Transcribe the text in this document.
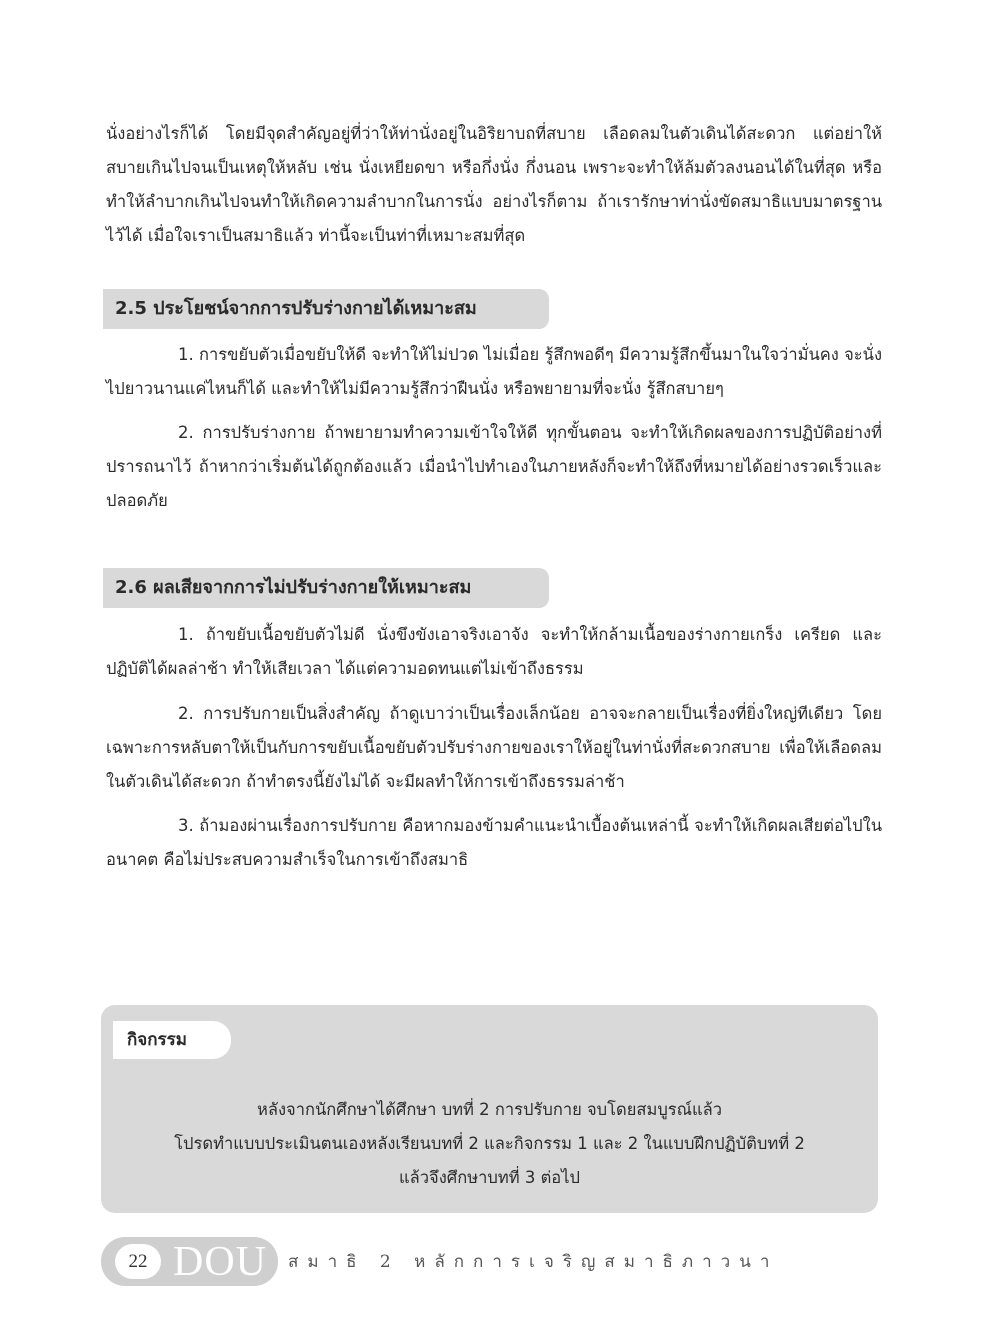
นั่งอย่างไรก็ได้ โดยมีจุดสำคัญอยู่ที่ว่าให้ท่านั่งอยู่ในอิริยาบถที่สบาย เลือดลมในตัวเดินได้สะดวก แต่อย่าให้สบายเกินไปจนเป็นเหตุให้หลับ เช่น นั่งเหยียดขา หรือกึ่งนั่ง กึ่งนอน เพราะจะทำให้ล้มตัวลงนอนได้ในที่สุด หรือทำให้ลำบากเกินไปจนทำให้เกิดความลำบากในการนั่ง อย่างไรก็ตาม ถ้าเรารักษาท่านั่งขัดสมาธิแบบมาตรฐานไว้ได้ เมื่อใจเราเป็นสมาธิแล้ว ท่านี้จะเป็นท่าที่เหมาะสมที่สุด

2.5 ประโยชน์จากการปรับร่างกายได้เหมาะสม

1. การขยับตัวเมื่อขยับให้ดี จะทำให้ไม่ปวด ไม่เมื่อย รู้สึกพอดีๆ มีความรู้สึกขึ้นมาในใจว่ามั่นคง จะนั่งไปยาวนานแค่ไหนก็ได้ และทำให้ไม่มีความรู้สึกว่าฝืนนั่ง หรือพยายามที่จะนั่ง รู้สึกสบายๆ

2. การปรับร่างกาย ถ้าพยายามทำความเข้าใจให้ดี ทุกขั้นตอน จะทำให้เกิดผลของการปฏิบัติอย่างที่ปรารถนาไว้ ถ้าหากว่าเริ่มต้นได้ถูกต้องแล้ว เมื่อนำไปทำเองในภายหลังก็จะทำให้ถึงที่หมายได้อย่างรวดเร็วและปลอดภัย

2.6 ผลเสียจากการไม่ปรับร่างกายให้เหมาะสม

1. ถ้าขยับเนื้อขยับตัวไม่ดี นั่งขึงขังเอาจริงเอาจัง จะทำให้กล้ามเนื้อของร่างกายเกร็ง เครียด และปฏิบัติได้ผลล่าช้า ทำให้เสียเวลา ได้แต่ความอดทนแต่ไม่เข้าถึงธรรม

2. การปรับกายเป็นสิ่งสำคัญ ถ้าดูเบาว่าเป็นเรื่องเล็กน้อย อาจจะกลายเป็นเรื่องที่ยิ่งใหญ่ทีเดียว โดยเฉพาะการหลับตาให้เป็นกับการขยับเนื้อขยับตัวปรับร่างกายของเราให้อยู่ในท่านั่งที่สะดวกสบาย เพื่อให้เลือดลมในตัวเดินได้สะดวก ถ้าทำตรงนี้ยังไม่ได้ จะมีผลทำให้การเข้าถึงธรรมล่าช้า

3. ถ้ามองผ่านเรื่องการปรับกาย คือหากมองข้ามคำแนะนำเบื้องต้นเหล่านี้ จะทำให้เกิดผลเสียต่อไปในอนาคต คือไม่ประสบความสำเร็จในการเข้าถึงสมาธิ

กิจกรรม
หลังจากนักศึกษาได้ศึกษา บทที่ 2 การปรับกาย จบโดยสมบูรณ์แล้ว
โปรดทำแบบประเมินตนเองหลังเรียนบทที่ 2 และกิจกรรม 1 และ 2 ในแบบฝึกปฏิบัติบทที่ 2
แล้วจึงศึกษาบทที่ 3 ต่อไป
22 DOU สมาธิ 2 หลักการเจริญสมาธิภาวนา
